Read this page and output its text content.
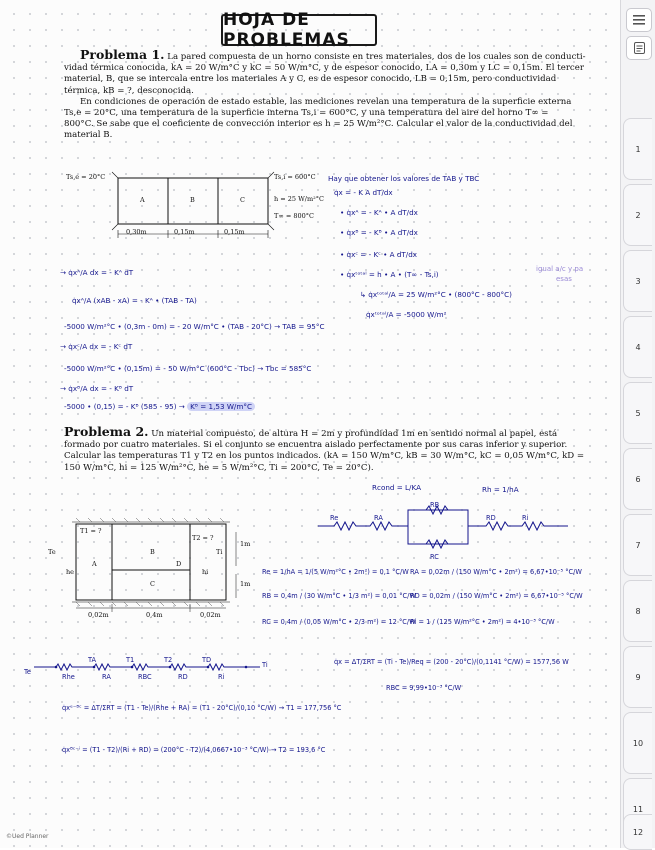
1
2
3
4
5
6
7
8
9
10
11
12
HOJA DE PROBLEMAS
Problema 1. La pared compuesta de un horno consiste en tres materiales, dos de los cuales son de conducti-
vidad térmica conocida, kA = 20 W/m°C y kC = 50 W/m°C, y de espesor conocido, LA = 0,30m y LC = 0,15m. El tercer
material, B, que se intercala entre los materiales A y C, es de espesor conocido, LB = 0,15m, pero conductividad
térmica, kB = ?, desconocida.
En condiciones de operación de estado estable, las mediciones revelan una temperatura de la superficie externa
Ts,e = 20°C, una temperatura de la superficie interna Ts,i = 600°C, y una temperatura del aire del horno T∞ =
800°C. Se sabe que el coeficiente de convección interior es h = 25 W/m²°C. Calcular el valor de la conductividad del
material B.
Ts,e = 20°C	Ts,i = 600°C
h = 25 W/m²°C
T∞ = 800°C
A	B	C
0,30m	0,15m	0,15m
Hay que obtener los valores de TAB y TBC
q̇x = - K A dT/dx
• q̇xᴬ = - Kᴬ • A dT/dx
• q̇xᴮ = - Kᴮ • A dT/dx
• q̇xᶜ = - Kᶜ • A dT/dx
• q̇xᵗᵒᵗᵃˡ = h • A • (T∞ - Ts,i)
↳ q̇xᵗᵒᵗᵃˡ/A = 25 W/m²°C • (800°C - 800°C)
q̇xᵗᵒᵗᵃˡ/A = -5000 W/m²
igual a/c y pa
esas
→ q̇xᴬ/A dx = - Kᴬ dT
q̇xᴬ/A (xAB - xA) = - Kᴬ • (TAB - TA)
-5000 W/m²°C • (0,3m - 0m) = - 20 W/m°C • (TAB - 20°C) → TAB = 95°C
→ q̇xᶜ/A dx = - Kᶜ dT
-5000 W/m²°C • (0,15m) = - 50 W/m°C (600°C - Tbc) → Tbc = 585°C
→ q̇xᴮ/A dx = - Kᴮ dT
-5000 • (0,15) = - Kᴮ (585 - 95) → Kᴮ = 1,53 W/m°C
Problema 2. Un material compuesto, de altura H = 2m y profundidad 1m en sentido normal al papel, está
formado por cuatro materiales. Si el conjunto se encuentra aislado perfectamente por sus caras inferior y superior.
Calcular las temperaturas T1 y T2 en los puntos indicados. (kA = 150 W/m°C, kB = 30 W/m°C, kC = 0,05 W/m°C, kD =
150 W/m°C, hi = 125 W/m²°C, he = 5 W/m²°C, Ti = 200°C, Te = 20°C).
Te	Ti
he	hi
T1 = ?
T2 = ?
A
B
C
D
0,02m	0,4m	0,02m
1m
1m
Rcond = L/KA	Rh = 1/hA
Re	RA
RB
RC
RD	Ri
Re = 1/hA = 1/(5 W/m²°C • 2m²) = 0,1 °C/W RA = 0,02m / (150 W/m°C • 2m²) = 6,67•10⁻⁵ °C/W
RB = 0,4m / (30 W/m°C • 1/3 m²) = 0,01 °C/W
RD = 0,02m / (150 W/m°C • 2m²) = 6,67•10⁻⁵ °C/W
RC = 0,4m / (0,05 W/m°C • 2/3 m²) = 12 °C/W
Ri = 1 / (125 W/m²°C • 2m²) = 4•10⁻³ °C/W
Te
TA	T1	T2	TD
Ti
Rhe	RA	RBC	RD	Ri
q̇x = ΔT/ΣRT = (Ti - Te)/Req = (200 - 20°C)/(0,1141 °C/W) = 1577,56 W
RBC = 9,99•10⁻³ °C/W
q̇xᵉ⁻ᴮᶜ = ΔT/ΣRT = (T1 - Te)/(Rhe + RA) = (T1 - 20°C)/(0,10 °C/W) → T1 = 177,756 °C
q̇xᴮᶜ⁻ⁱ = (T1 - T2)/(Ri + RD) = (200°C - T2)/(4,0667•10⁻³ °C/W) → T2 = 193,6 °C
©Ued Planner
